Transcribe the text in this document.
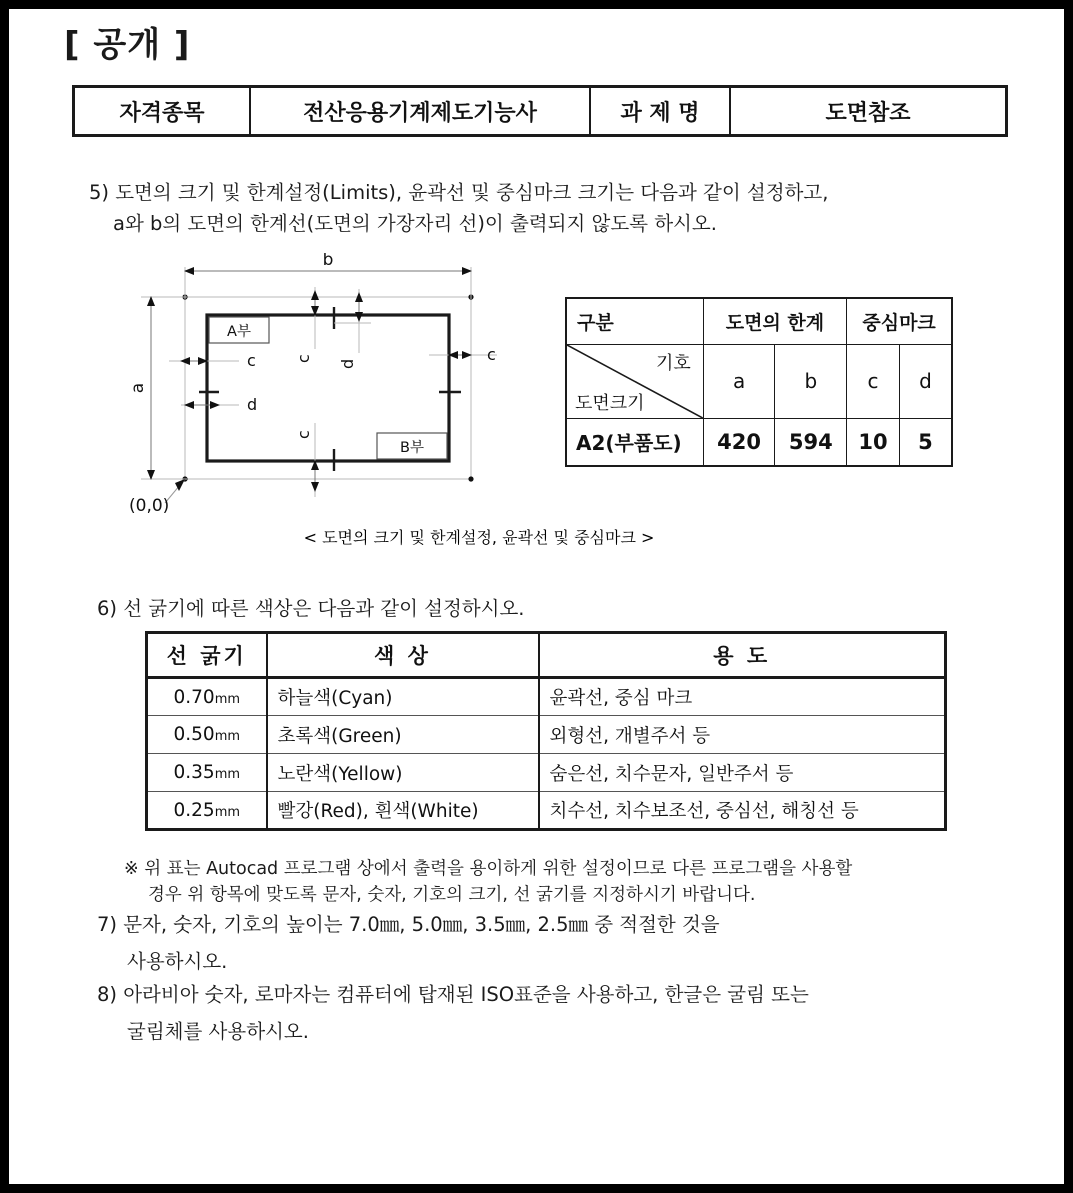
[ 공개 ]
자격종목	전산응용기계제도기능사	과 제 명	도면참조
5) 도면의 크기 및 한계설정(Limits), 윤곽선 및 중심마크 크기는 다음과 같이 설정하고,
a와 b의 도면의 한계선(도면의 가장자리 선)이 출력되지 않도록 하시오.
b
a
A부
B부
c
d
c
d	c
c
(0,0)
구분	도면의 한계		중심마크	

기호
도면크기	a	b	c	d
A2(부품도)	420	594	10	5
< 도면의 크기 및 한계설정, 윤곽선 및 중심마크 >
6) 선 굵기에 따른 색상은 다음과 같이 설정하시오.
선 굵기	색 상	용 도
0.70mm	하늘색(Cyan)	윤곽선, 중심 마크
0.50mm	초록색(Green)	외형선, 개별주서 등
0.35mm	노란색(Yellow)	숨은선, 치수문자, 일반주서 등
0.25mm	빨강(Red), 흰색(White)	치수선, 치수보조선, 중심선, 해칭선 등
※ 위 표는 Autocad 프로그램 상에서 출력을 용이하게 위한 설정이므로 다른 프로그램을 사용할
경우 위 항목에 맞도록 문자, 숫자, 기호의 크기, 선 굵기를 지정하시기 바랍니다.
7) 문자, 숫자, 기호의 높이는 7.0㎜, 5.0㎜, 3.5㎜, 2.5㎜ 중 적절한 것을
사용하시오.
8) 아라비아 숫자, 로마자는 컴퓨터에 탑재된 ISO표준을 사용하고, 한글은 굴림 또는
굴림체를 사용하시오.
